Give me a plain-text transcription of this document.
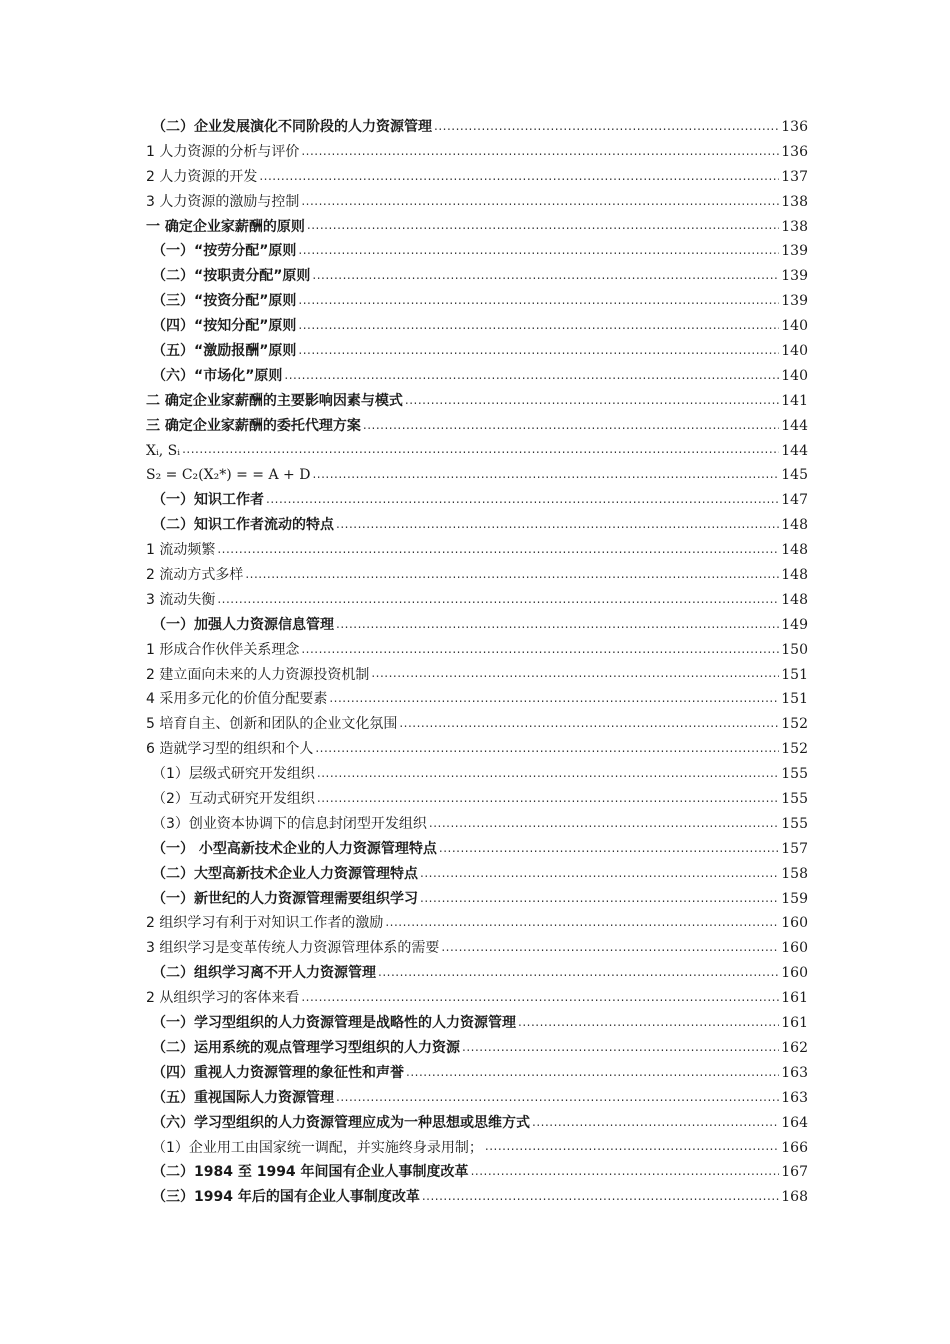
（二）企业发展演化不同阶段的人力资源管理 .....	136
1 人力资源的分析与评价 .....	136
2 人力资源的开发 .....	137
3 人力资源的激励与控制 .....	138
一 确定企业家薪酬的原则 .....	138
（一）“按劳分配”原则 .....	139
（二）“按职责分配”原则 .....	139
（三）“按资分配”原则 .....	139
（四）“按知分配”原则 .....	140
（五）“激励报酬”原则 .....	140
（六）“市场化”原则 .....	140
二 确定企业家薪酬的主要影响因素与模式 .....	141
三 确定企业家薪酬的委托代理方案 .....	144
Xᵢ, Sᵢ .....	144
S₂ = C₂(X₂*) = = A + D .....	145
（一）知识工作者 .....	147
（二）知识工作者流动的特点 .....	148
1 流动频繁 .....	148
2 流动方式多样 .....	148
3 流动失衡 .....	148
（一）加强人力资源信息管理 .....	149
1 形成合作伙伴关系理念 .....	150
2 建立面向未来的人力资源投资机制 .....	151
4 采用多元化的价值分配要素 .....	151
5 培育自主、创新和团队的企业文化氛围 .....	152
6 造就学习型的组织和个人 .....	152
（1）层级式研究开发组织 .....	155
（2）互动式研究开发组织 .....	155
（3）创业资本协调下的信息封闭型开发组织 .....	155
（一） 小型高新技术企业的人力资源管理特点 .....	157
（二）大型高新技术企业人力资源管理特点 .....	158
（一）新世纪的人力资源管理需要组织学习 .....	159
2 组织学习有利于对知识工作者的激励 .....	160
3 组织学习是变革传统人力资源管理体系的需要 .....	160
（二）组织学习离不开人力资源管理 .....	160
2 从组织学习的客体来看 .....	161
（一）学习型组织的人力资源管理是战略性的人力资源管理 .....	161
（二）运用系统的观点管理学习型组织的人力资源 .....	162
（四）重视人力资源管理的象征性和声誉 .....	163
（五）重视国际人力资源管理 .....	163
（六）学习型组织的人力资源管理应成为一种思想或思维方式 .....	164
（1）企业用工由国家统一调配，并实施终身录用制； .....	166
（二）1984 至 1994 年间国有企业人事制度改革 .....	167
（三）1994 年后的国有企业人事制度改革 .....	168
